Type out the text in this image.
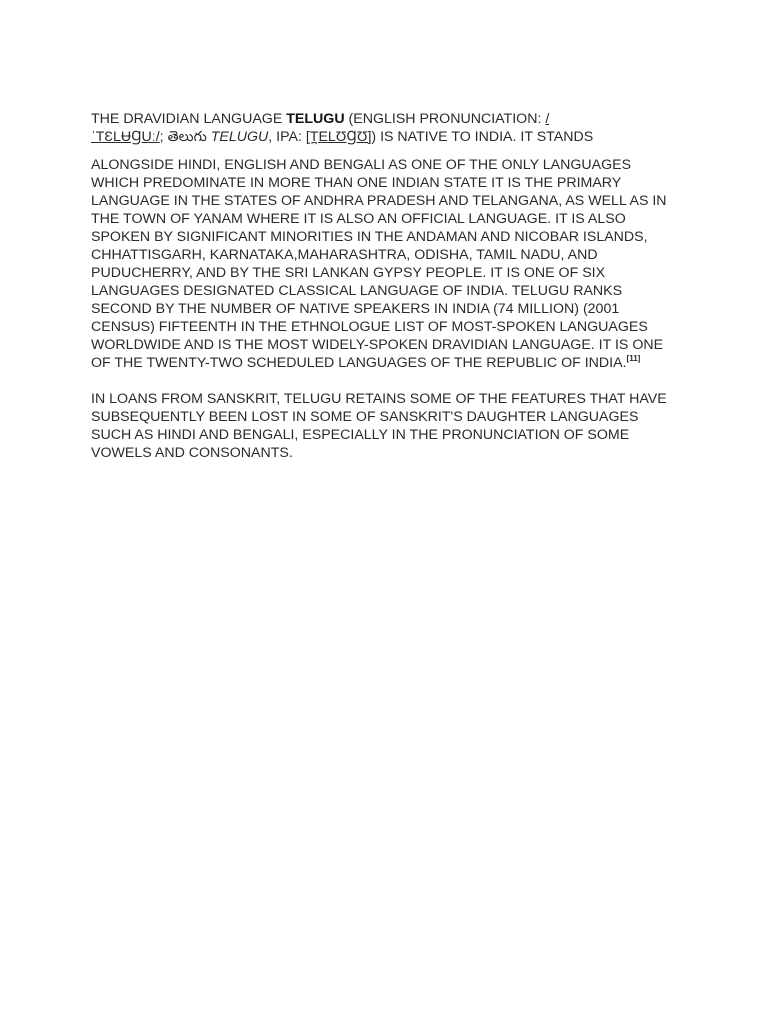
THE DRAVIDIAN LANGUAGE TELUGU (ENGLISH PRONUNCIATION: /
ˈTƐLɄꞬUː/; తెలుగు TELUGU, IPA: [T̪ELƱꞬƱ]) IS NATIVE TO INDIA. IT STANDS

ALONGSIDE HINDI, ENGLISH AND BENGALI AS ONE OF THE ONLY LANGUAGES WHICH PREDOMINATE IN MORE THAN ONE INDIAN STATE IT IS THE PRIMARY LANGUAGE IN THE STATES OF ANDHRA PRADESH AND TELANGANA, AS WELL AS IN THE TOWN OF YANAM WHERE IT IS ALSO AN OFFICIAL LANGUAGE. IT IS ALSO SPOKEN BY SIGNIFICANT MINORITIES IN THE ANDAMAN AND NICOBAR ISLANDS, CHHATTISGARH, KARNATAKA,MAHARASHTRA, ODISHA, TAMIL NADU, AND PUDUCHERRY, AND BY THE SRI LANKAN GYPSY PEOPLE. IT IS ONE OF SIX LANGUAGES DESIGNATED CLASSICAL LANGUAGE OF INDIA. TELUGU RANKS SECOND BY THE NUMBER OF NATIVE SPEAKERS IN INDIA (74 MILLION) (2001 CENSUS) FIFTEENTH IN THE ETHNOLOGUE LIST OF MOST-SPOKEN LANGUAGES WORLDWIDE AND IS THE MOST WIDELY-SPOKEN DRAVIDIAN LANGUAGE. IT IS ONE OF THE TWENTY-TWO SCHEDULED LANGUAGES OF THE REPUBLIC OF INDIA.[11]

IN LOANS FROM SANSKRIT, TELUGU RETAINS SOME OF THE FEATURES THAT HAVE SUBSEQUENTLY BEEN LOST IN SOME OF SANSKRIT'S DAUGHTER LANGUAGES SUCH AS HINDI AND BENGALI, ESPECIALLY IN THE PRONUNCIATION OF SOME VOWELS AND CONSONANTS.
